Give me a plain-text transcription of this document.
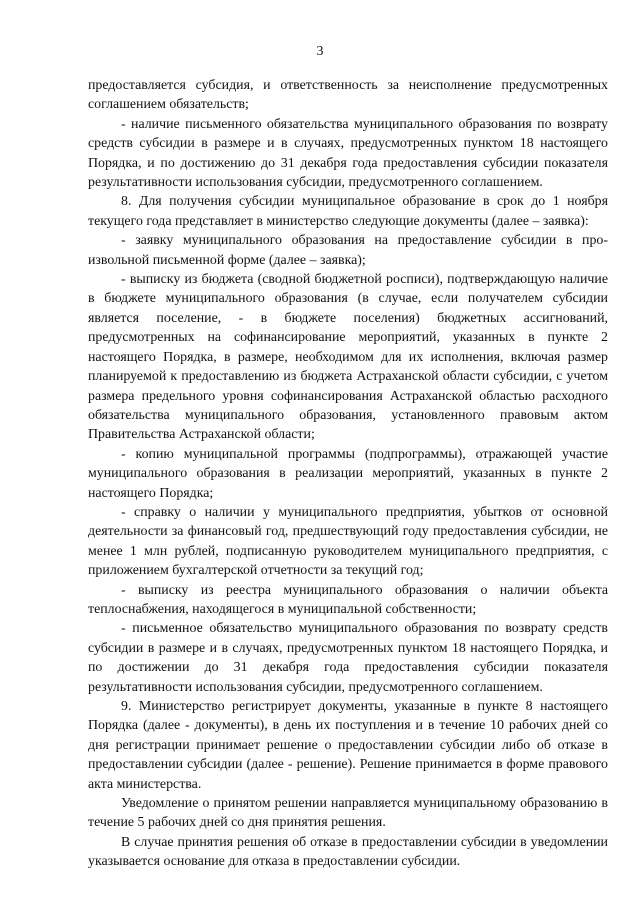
3

предоставляется субсидия, и ответственность за неисполнение предусмотренных соглашением обязательств;

- наличие письменного обязательства муниципального образования по возврату средств субсидии в размере и в случаях, предусмотренных пунктом 18 настоящего Порядка, и по достижению до 31 декабря года предоставления субсидии показателя результативности использования субсидии, предусмотренного соглашением.

8. Для получения субсидии муниципальное образование в срок до 1 ноября текущего года представляет в министерство следующие документы (далее – заявка):

- заявку муниципального образования на предоставление субсидии в произвольной письменной форме (далее – заявка);

- выписку из бюджета (сводной бюджетной росписи), подтверждающую наличие в бюджете муниципального образования (в случае, если получателем субсидии является поселение, - в бюджете поселения) бюджетных ассигнований, предусмотренных на софинансирование мероприятий, указанных в пункте 2 настоящего Порядка, в размере, необходимом для их исполнения, включая размер планируемой к предоставлению из бюджета Астраханской области субсидии, с учетом размера предельного уровня софинансирования Астраханской областью расходного обязательства муниципального образования, установленного правовым актом Правительства Астраханской области;

- копию муниципальной программы (подпрограммы), отражающей участие муниципального образования в реализации мероприятий, указанных в пункте 2 настоящего Порядка;

- справку о наличии у муниципального предприятия, убытков от основной деятельности за финансовый год, предшествующий году предоставления субсидии, не менее 1 млн рублей, подписанную руководителем муниципального предприятия, с приложением бухгалтерской отчетности за текущий год;

- выписку из реестра муниципального образования о наличии объекта теплоснабжения, находящегося в муниципальной собственности;

- письменное обязательство муниципального образования по возврату средств субсидии в размере и в случаях, предусмотренных пунктом 18 настоящего Порядка, и по достижении до 31 декабря года предоставления субсидии показателя результативности использования субсидии, предусмотренного соглашением.

9. Министерство регистрирует документы, указанные в пункте 8 настоящего Порядка (далее - документы), в день их поступления и в течение 10 рабочих дней со дня регистрации принимает решение о предоставлении субсидии либо об отказе в предоставлении субсидии (далее - решение). Решение принимается в форме правового акта министерства.

Уведомление о принятом решении направляется муниципальному образованию в течение 5 рабочих дней со дня принятия решения.

В случае принятия решения об отказе в предоставлении субсидии в уведомлении указывается основание для отказа в предоставлении субсидии.
